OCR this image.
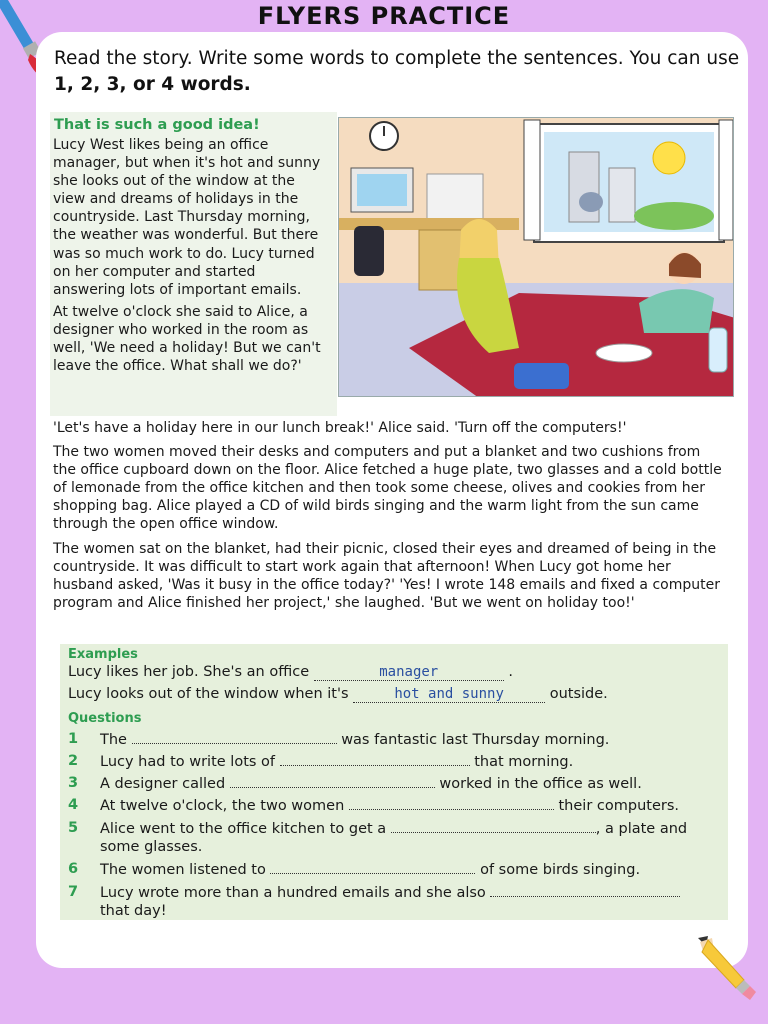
FLYERS PRACTICE
Read the story. Write some words to complete the sentences. You can use 1, 2, 3, or 4 words.
That is such a good idea!

Lucy West likes being an office manager, but when it's hot and sunny she looks out of the window at the view and dreams of holidays in the countryside. Last Thursday morning, the weather was wonderful. But there was so much work to do. Lucy turned on her computer and started answering lots of important emails.

At twelve o'clock she said to Alice, a designer who worked in the room as well, 'We need a holiday! But we can't leave the office. What shall we do?'

'Let's have a holiday here in our lunch break!' Alice said. 'Turn off the computers!'

The two women moved their desks and computers and put a blanket and two cushions from the office cupboard down on the floor. Alice fetched a huge plate, two glasses and a cold bottle of lemonade from the office kitchen and then took some cheese, olives and cookies from her shopping bag. Alice played a CD of wild birds singing and the warm light from the sun came through the open office window.

The women sat on the blanket, had their picnic, closed their eyes and dreamed of being in the countryside. It was difficult to start work again that afternoon! When Lucy got home her husband asked, 'Was it busy in the office today?' 'Yes! I wrote 148 emails and fixed a computer program and Alice finished her project,' she laughed. 'But we went on holiday too!'

Examples
Lucy likes her job. She's an office	manager	.
Lucy looks out of the window when it's	hot and sunny	outside.
Questions
1 The	was fantastic last Thursday morning.
2 Lucy had to write lots of	that morning.
3 A designer called	worked in the office as well.
4 At twelve o'clock, the two women	their computers.
5 Alice went to the office kitchen to get a	, a plate and
some glasses.
6 The women listened to	of some birds singing.
7 Lucy wrote more than a hundred emails and she also
that day!
